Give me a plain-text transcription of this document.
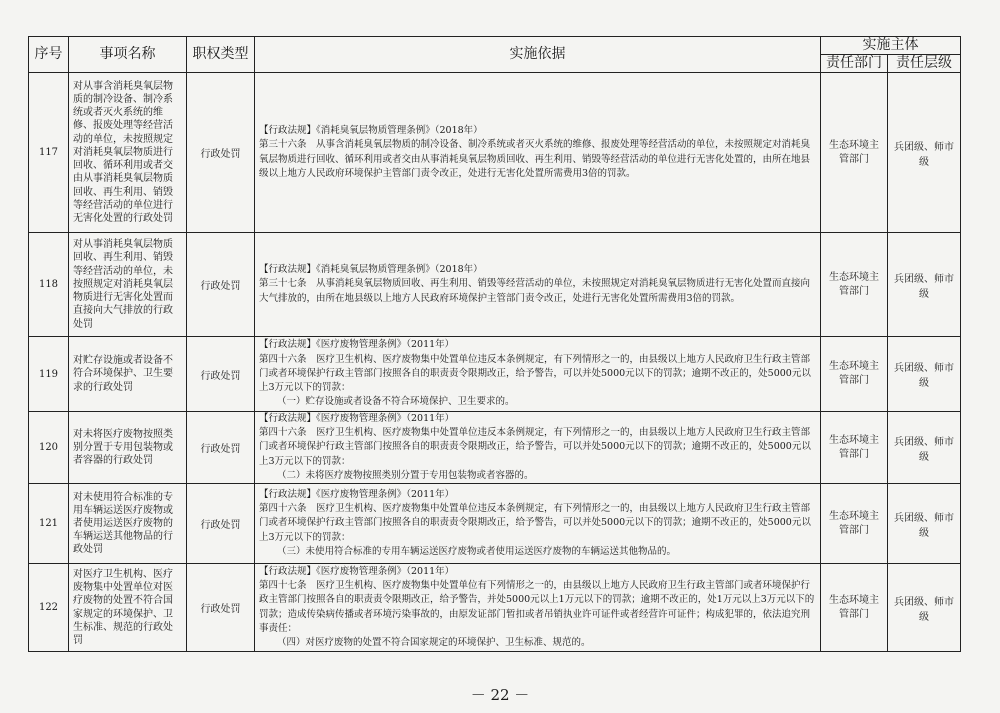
序号	事项名称	职权类型	实施依据	实施主体	
				责任部门	责任层级
117	对从事含消耗臭氧层物质的制冷设备、制冷系统或者灭火系统的维修、报废处理等经营活动的单位，未按照规定对消耗臭氧层物质进行回收、循环利用或者交由从事消耗臭氧层物质回收、再生利用、销毁等经营活动的单位进行无害化处置的行政处罚	行政处罚	【行政法规】《消耗臭氧层物质管理条例》（2018年）
第三十六条　从事含消耗臭氧层物质的制冷设备、制冷系统或者灭火系统的维修、报废处理等经营活动的单位，未按照规定对消耗臭氧层物质进行回收、循环利用或者交由从事消耗臭氧层物质回收、再生利用、销毁等经营活动的单位进行无害化处置的，由所在地县级以上地方人民政府环境保护主管部门责令改正，处进行无害化处置所需费用3倍的罚款。	生态环境主管部门	兵团级、师市级
118	对从事消耗臭氧层物质回收、再生利用、销毁等经营活动的单位，未按照规定对消耗臭氧层物质进行无害化处置而直接向大气排放的行政处罚	行政处罚	【行政法规】《消耗臭氧层物质管理条例》（2018年）
第三十七条　从事消耗臭氧层物质回收、再生利用、销毁等经营活动的单位，未按照规定对消耗臭氧层物质进行无害化处置而直接向大气排放的，由所在地县级以上地方人民政府环境保护主管部门责令改正，处进行无害化处置所需费用3倍的罚款。	生态环境主管部门	兵团级、师市级
119	对贮存设施或者设备不符合环境保护、卫生要求的行政处罚	行政处罚	【行政法规】《医疗废物管理条例》（2011年）
第四十六条　医疗卫生机构、医疗废物集中处置单位违反本条例规定，有下列情形之一的，由县级以上地方人民政府卫生行政主管部门或者环境保护行政主管部门按照各自的职责责令限期改正，给予警告，可以并处5000元以下的罚款；逾期不改正的，处5000元以上3万元以下的罚款：
（一）贮存设施或者设备不符合环境保护、卫生要求的。	生态环境主管部门	兵团级、师市级
120	对未将医疗废物按照类别分置于专用包装物或者容器的行政处罚	行政处罚	【行政法规】《医疗废物管理条例》（2011年）
第四十六条　医疗卫生机构、医疗废物集中处置单位违反本条例规定，有下列情形之一的，由县级以上地方人民政府卫生行政主管部门或者环境保护行政主管部门按照各自的职责责令限期改正，给予警告，可以并处5000元以下的罚款；逾期不改正的，处5000元以上3万元以下的罚款：
（二）未将医疗废物按照类别分置于专用包装物或者容器的。	生态环境主管部门	兵团级、师市级
121	对未使用符合标准的专用车辆运送医疗废物或者使用运送医疗废物的车辆运送其他物品的行政处罚	行政处罚	【行政法规】《医疗废物管理条例》（2011年）
第四十六条　医疗卫生机构、医疗废物集中处置单位违反本条例规定，有下列情形之一的，由县级以上地方人民政府卫生行政主管部门或者环境保护行政主管部门按照各自的职责责令限期改正，给予警告，可以并处5000元以下的罚款；逾期不改正的，处5000元以上3万元以下的罚款：
（三）未使用符合标准的专用车辆运送医疗废物或者使用运送医疗废物的车辆运送其他物品的。	生态环境主管部门	兵团级、师市级
122	对医疗卫生机构、医疗废物集中处置单位对医疗废物的处置不符合国家规定的环境保护、卫生标准、规范的行政处罚	行政处罚	【行政法规】《医疗废物管理条例》（2011年）
第四十七条　医疗卫生机构、医疗废物集中处置单位有下列情形之一的，由县级以上地方人民政府卫生行政主管部门或者环境保护行政主管部门按照各自的职责责令限期改正，给予警告，并处5000元以上1万元以下的罚款；逾期不改正的，处1万元以上3万元以下的罚款；造成传染病传播或者环境污染事故的，由原发证部门暂扣或者吊销执业许可证件或者经营许可证件；构成犯罪的，依法追究刑事责任：
（四）对医疗废物的处置不符合国家规定的环境保护、卫生标准、规范的。	生态环境主管部门	兵团级、师市级
－ 22 －
